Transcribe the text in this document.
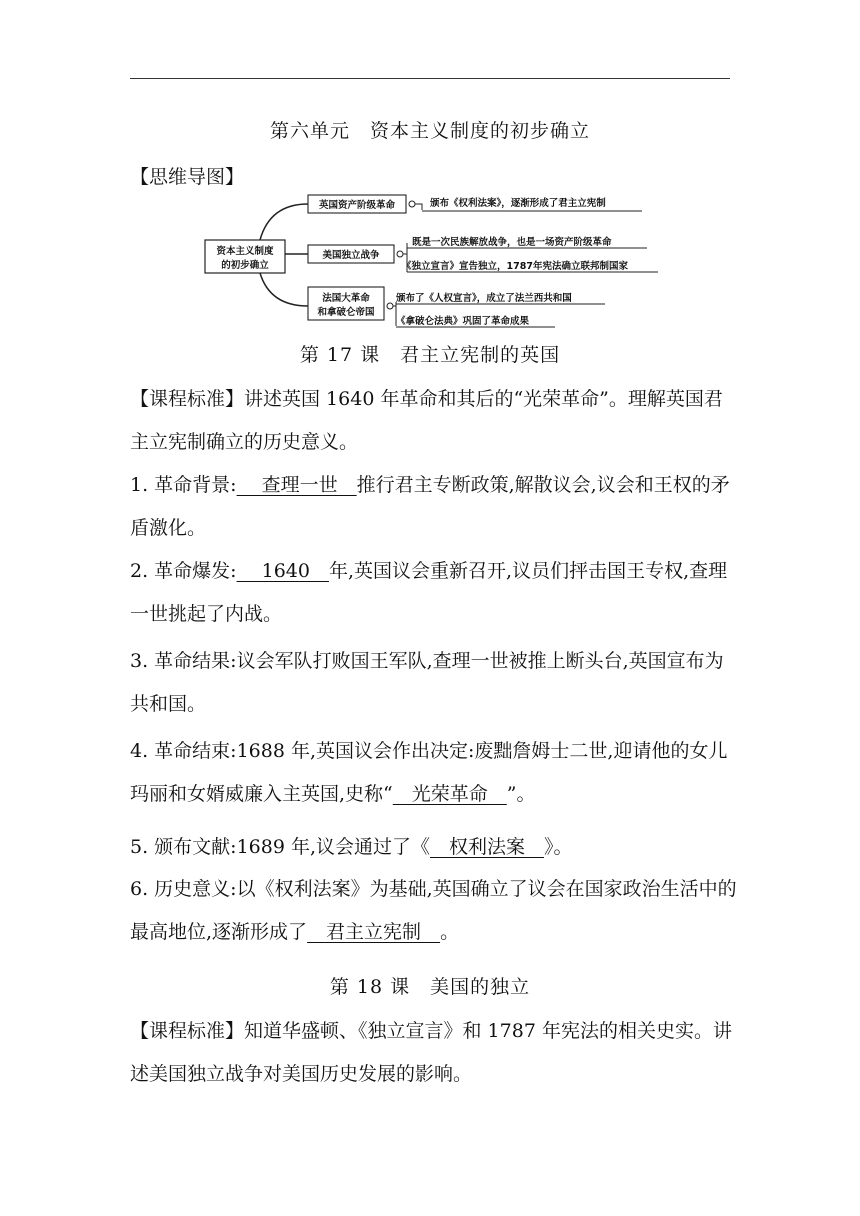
第六单元　资本主义制度的初步确立
【思维导图】
资本主义制度
的初步确立
英国资产阶级革命	颁布《权利法案》，逐渐形成了君主立宪制
美国独立战争
既是一次民族解放战争，也是一场资产阶级革命
《独立宣言》宣告独立，1787年宪法确立联邦制国家
法国大革命
和拿破仑帝国
颁布了《人权宣言》，成立了法兰西共和国
《拿破仑法典》巩固了革命成果
第 17 课　君主立宪制的英国
【课程标准】讲述英国 1640 年革命和其后的“光荣革命”。理解英国君主立宪制确立的历史意义。
1. 革命背景:　 查理一世　推行君主专断政策,解散议会,议会和王权的矛盾激化。
2. 革命爆发:　 1640　年,英国议会重新召开,议员们抨击国王专权,查理一世挑起了内战。
3. 革命结果:议会军队打败国王军队,查理一世被推上断头台,英国宣布为共和国。
4. 革命结束:1688 年,英国议会作出决定:废黜詹姆士二世,迎请他的女儿玛丽和女婿威廉入主英国,史称“　光荣革命　”。
5. 颁布文献:1689 年,议会通过了《　权利法案　》。
6. 历史意义:以《权利法案》为基础,英国确立了议会在国家政治生活中的最高地位,逐渐形成了　君主立宪制　。
第 18 课　美国的独立
【课程标准】知道华盛顿、《独立宣言》和 1787 年宪法的相关史实。讲述美国独立战争对美国历史发展的影响。
